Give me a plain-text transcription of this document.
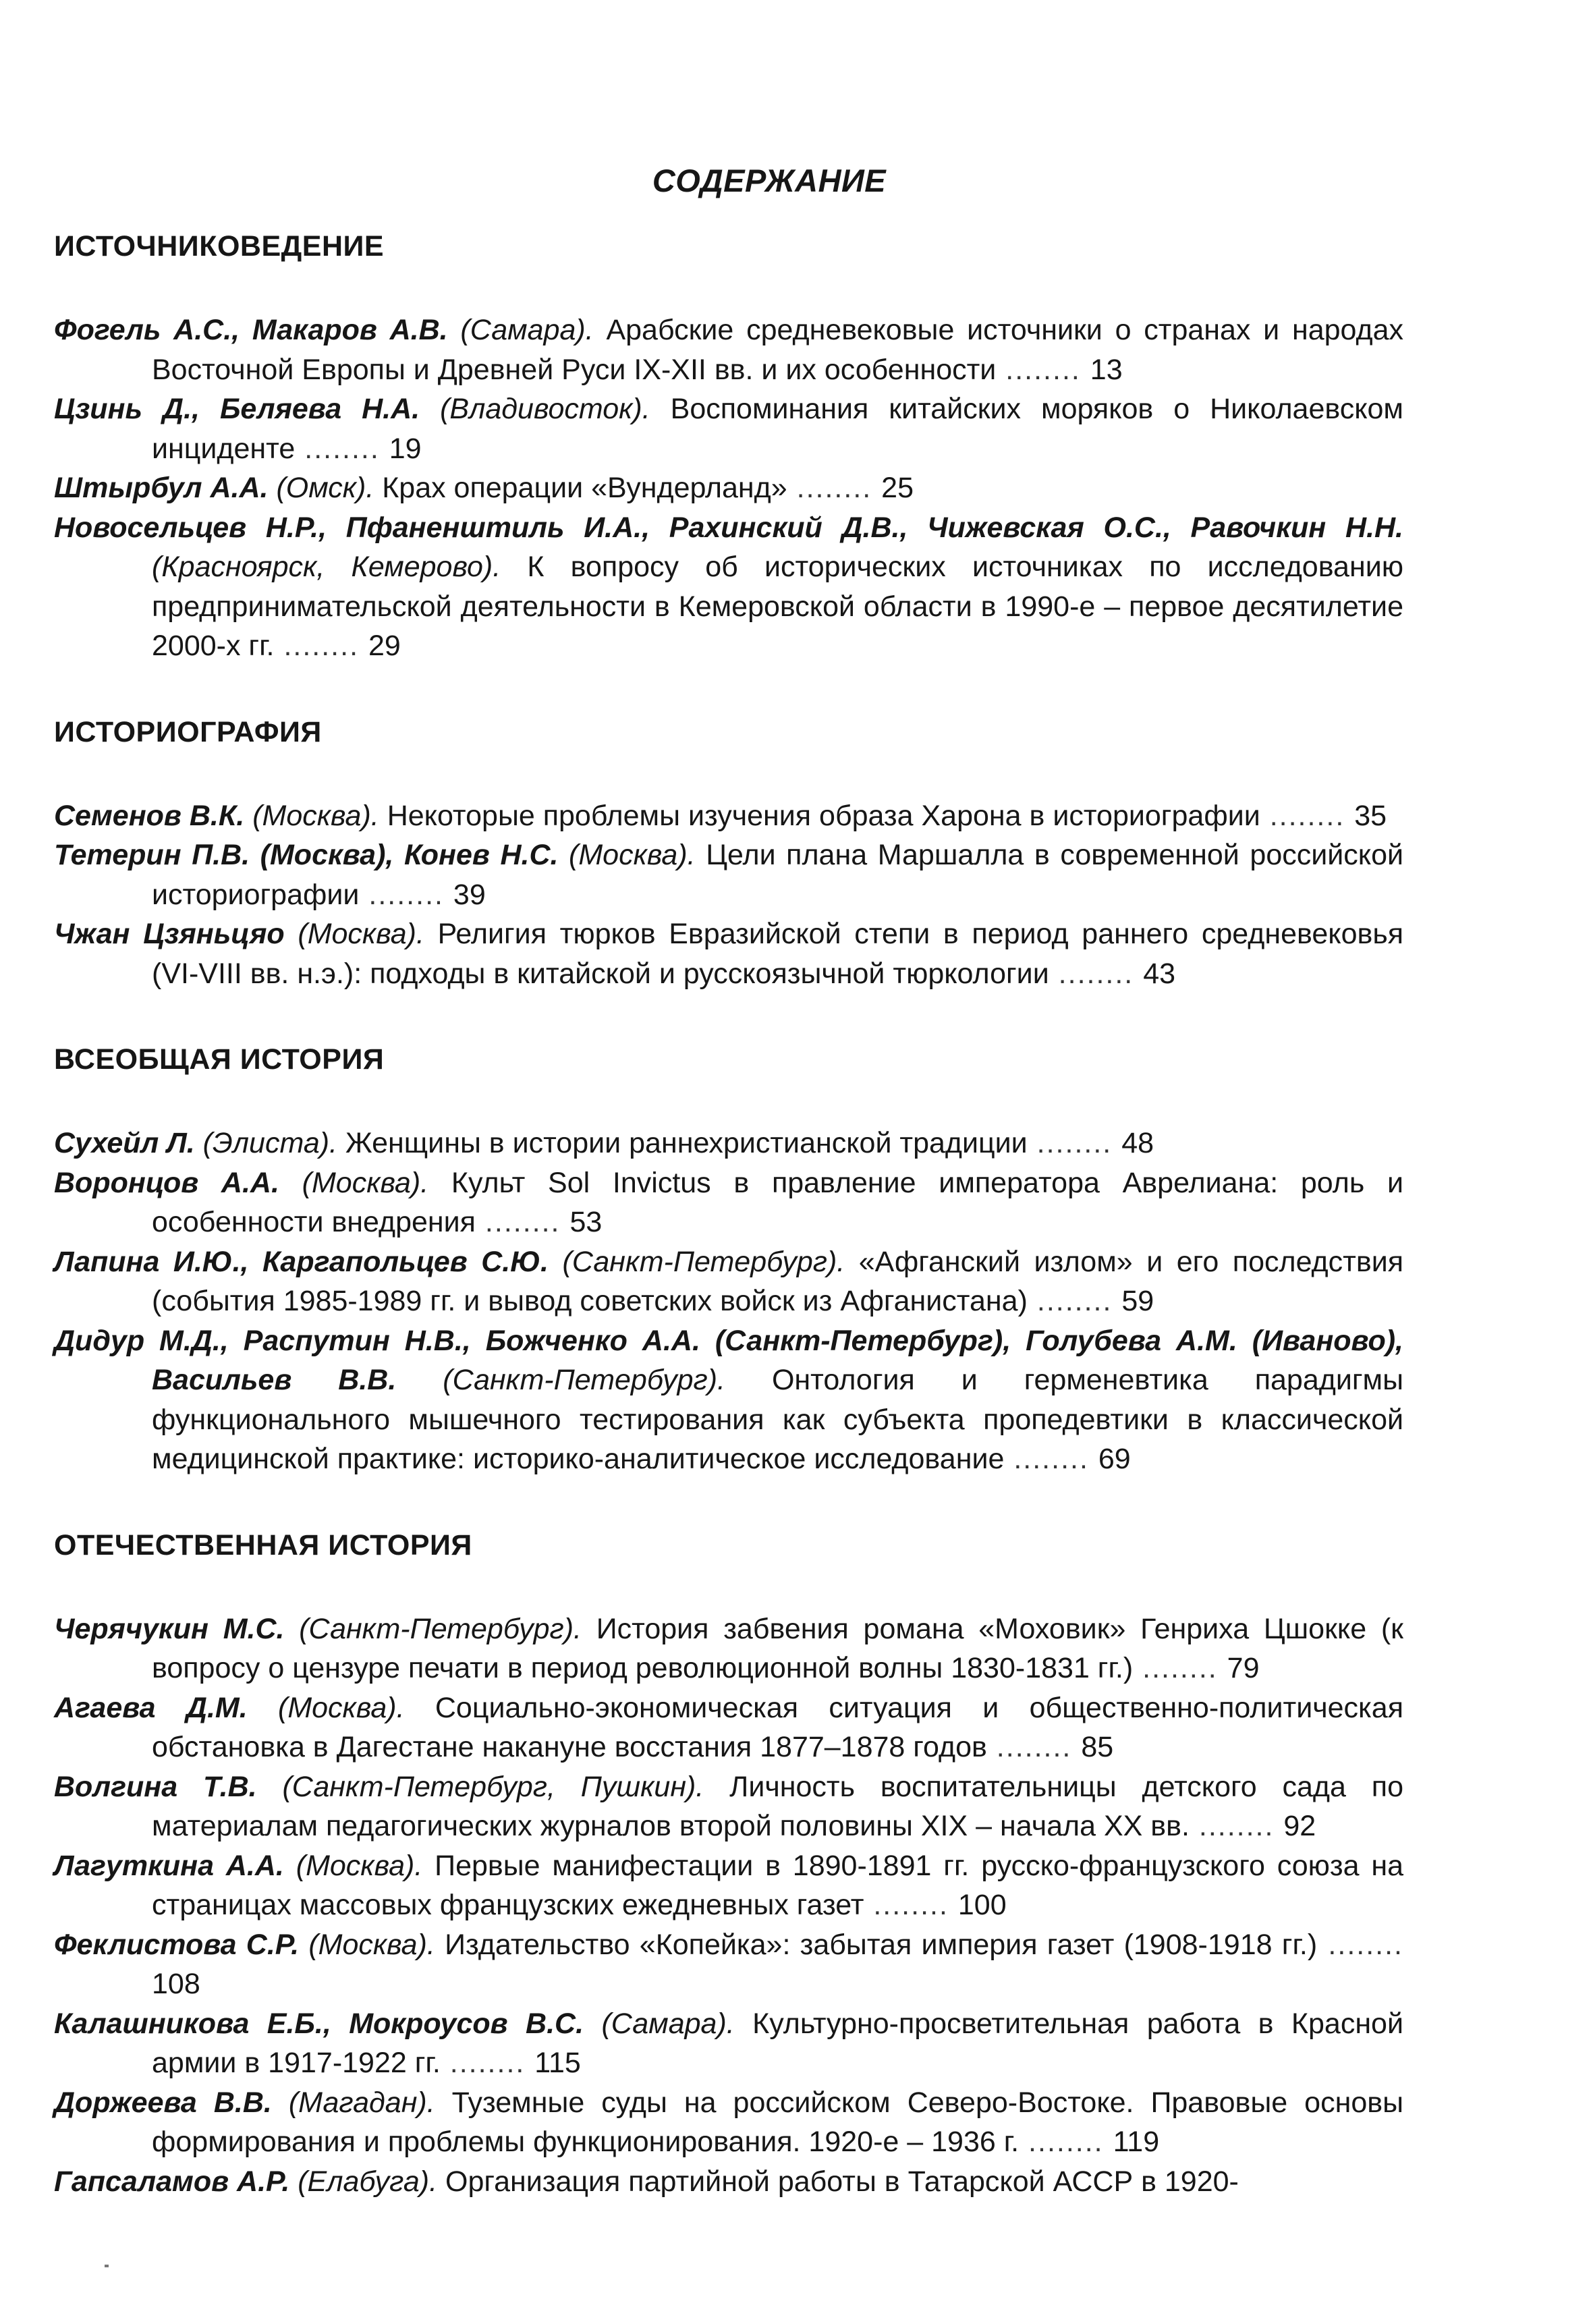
СОДЕРЖАНИЕ
ИСТОЧНИКОВЕДЕНИЕ
Фогель А.С., Макаров А.В. (Самара). Арабские средневековые источники о странах и народах Восточной Европы и Древней Руси IX-XII вв. и их особенности ........ 13
Цзинь Д., Беляева Н.А. (Владивосток). Воспоминания китайских моряков о Николаевском инциденте ........ 19
Штырбул А.А. (Омск). Крах операции «Вундерланд» ........ 25
Новосельцев Н.Р., Пфаненштиль И.А., Рахинский Д.В., Чижевская О.С., Равочкин Н.Н. (Красноярск, Кемерово). К вопросу об исторических источниках по исследованию предпринимательской деятельности в Кемеровской области в 1990-е – первое десятилетие 2000-х гг. ........ 29
ИСТОРИОГРАФИЯ
Семенов В.К. (Москва). Некоторые проблемы изучения образа Харона в историографии ........ 35
Тетерин П.В. (Москва), Конев Н.С. (Москва). Цели плана Маршалла в современной российской историографии ........ 39
Чжан Цзяньцяо (Москва). Религия тюрков Евразийской степи в период раннего средневековья (VI-VIII вв. н.э.): подходы в китайской и русскоязычной тюркологии ........ 43
ВСЕОБЩАЯ ИСТОРИЯ
Сухейл Л. (Элиста). Женщины в истории раннехристианской традиции ........ 48
Воронцов А.А. (Москва). Культ Sol Invictus в правление императора Аврелиана: роль и особенности внедрения ........ 53
Лапина И.Ю., Каргапольцев С.Ю. (Санкт-Петербург). «Афганский излом» и его последствия (события 1985-1989 гг. и вывод советских войск из Афганистана) ........ 59
Дидур М.Д., Распутин Н.В., Божченко А.А. (Санкт-Петербург), Голубева А.М. (Иваново), Васильев В.В. (Санкт-Петербург). Онтология и герменевтика парадигмы функционального мышечного тестирования как субъекта пропедевтики в классической медицинской практике: историко-аналитическое исследование ........ 69
ОТЕЧЕСТВЕННАЯ ИСТОРИЯ
Черячукин М.С. (Санкт-Петербург). История забвения романа «Моховик» Генриха Цшокке (к вопросу о цензуре печати в период революционной волны 1830-1831 гг.) ........ 79
Агаева Д.М. (Москва). Социально-экономическая ситуация и общественно-политическая обстановка в Дагестане накануне восстания 1877–1878 годов ........ 85
Волгина Т.В. (Санкт-Петербург, Пушкин). Личность воспитательницы детского сада по материалам педагогических журналов второй половины XIX – начала XX вв. ........ 92
Лагуткина А.А. (Москва). Первые манифестации в 1890-1891 гг. русско-французского союза на страницах массовых французских ежедневных газет ........ 100
Феклистова С.Р. (Москва). Издательство «Копейка»: забытая империя газет (1908-1918 гг.) ........ 108
Калашникова Е.Б., Мокроусов В.С. (Самара). Культурно-просветительная работа в Красной армии в 1917-1922 гг. ........ 115
Доржеева В.В. (Магадан). Туземные суды на российском Северо-Востоке. Правовые основы формирования и проблемы функционирования. 1920-е – 1936 г. ........ 119
Гапсаламов А.Р. (Елабуга). Организация партийной работы в Татарской АССР в 1920-
